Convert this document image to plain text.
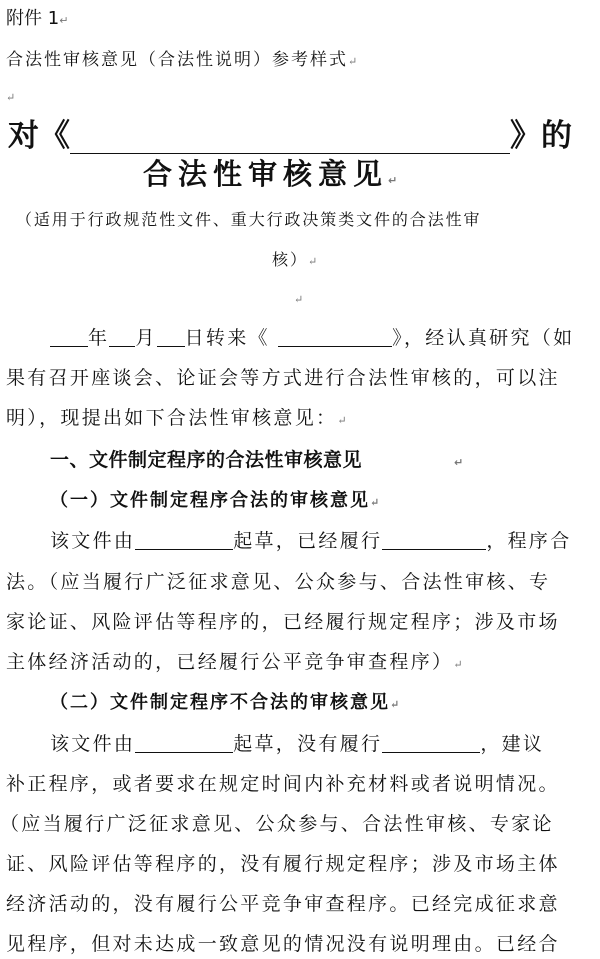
附件 1↵
合法性审核意见（合法性说明）参考样式↵
↵
对《	》的
合法性审核意见↵
（适用于行政规范性文件、重大行政决策类文件的合法性审
核）↵
↵
年 月 日转来《	》，经认真研究（如
果有召开座谈会、论证会等方式进行合法性审核的，可以注
明），现提出如下合法性审核意见：↵
一、文件制定程序的合法性审核意见	↵
（一）文件制定程序合法的审核意见↵
该文件由	起草，已经履行	，程序合
法。（应当履行广泛征求意见、公众参与、合法性审核、专
家论证、风险评估等程序的，已经履行规定程序；涉及市场
主体经济活动的，已经履行公平竞争审查程序）↵
（二）文件制定程序不合法的审核意见↵
该文件由	起草，没有履行	，建议
补正程序，或者要求在规定时间内补充材料或者说明情况。
（应当履行广泛征求意见、公众参与、合法性审核、专家论
证、风险评估等程序的，没有履行规定程序；涉及市场主体
经济活动的，没有履行公平竞争审查程序。已经完成征求意
见程序，但对未达成一致意见的情况没有说明理由。已经合
